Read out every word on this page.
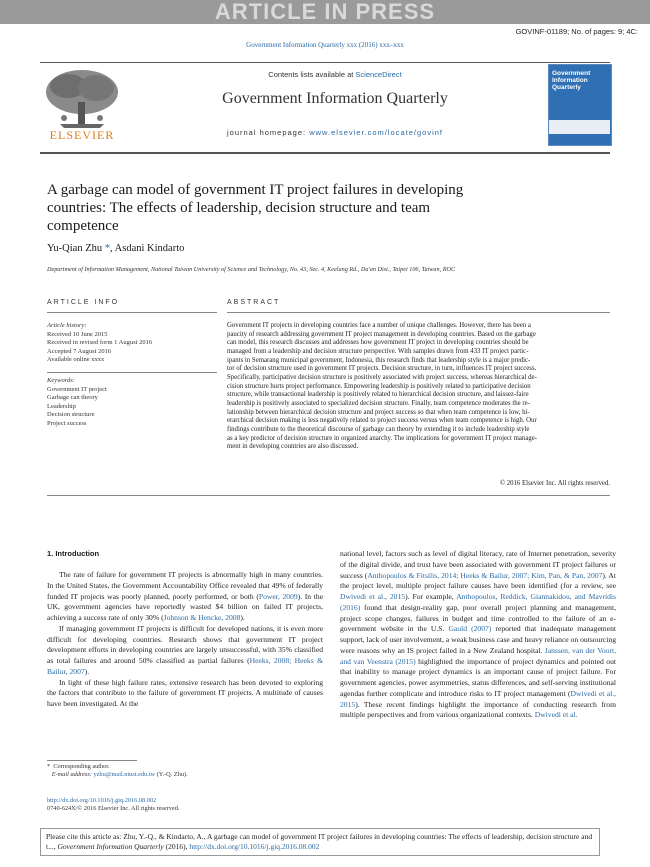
ARTICLE IN PRESS
GOVINF-01189; No. of pages: 9; 4C:
Government Information Quarterly xxx (2016) xxx–xxx
ELSEVIER
Contents lists available at ScienceDirect
Government Information Quarterly
journal homepage: www.elsevier.com/locate/govinf
Government Information Quarterly
A garbage can model of government IT project failures in developing countries: The effects of leadership, decision structure and team competence
Yu-Qian Zhu *, Asdani Kindarto
Department of Information Management, National Taiwan University of Science and Technology, No. 43, Sec. 4, Keelung Rd., Da'an Dist., Taipei 106, Taiwan, ROC
ARTICLE INFO
Article history:
Received 10 June 2015
Received in revised form 1 August 2016
Accepted 7 August 2016
Available online xxxx
Keywords:
Government IT project
Garbage can theory
Leadership
Decision structure
Project success
ABSTRACT
Government IT projects in developing countries face a number of unique challenges. However, there has been a
paucity of research addressing government IT project management in developing countries. Based on the garbage
can model, this research discusses and addresses how government IT project in developing countries should be
managed from a leadership and decision structure perspective. With samples drawn from 433 IT project partic-
ipants in Semarang municipal government, Indonesia, this research finds that leadership style is a major predic-
tor of decision structure used in government IT projects. Decision structure, in turn, influences IT project success.
Specifically, participative decision structure is positively associated with project success, whereas hierarchical de-
cision structure hurts project performance. Empowering leadership is positively related to participative decision
structure, while transactional leadership is positively related to hierarchical decision structure, and laissez-faire
leadership is positively associated to specialized decision structure. Finally, team competence moderates the re-
lationship between hierarchical decision structure and project success so that when team competence is low, hi-
erarchical decision making is less negatively related to project success versus when team competence is high. Our
findings contribute to the theoretical discourse of garbage can theory by extending it to include leadership style
as a key predictor of decision structure in organized anarchy. The implications for government IT project manage-
ment in developing countries are also discussed.
© 2016 Elsevier Inc. All rights reserved.
1. Introduction

The rate of failure for government IT projects is abnormally high in many countries. In the United States, the Government Accountability Office revealed that 49% of federally funded IT projects was poorly planned, poorly performed, or both (Power, 2009). In the UK, government agencies have reportedly wasted $4 billion on failed IT projects, achieving a success rate of only 30% (Johnson & Hencke, 2008).

If managing government IT projects is difficult for developed nations, it is even more difficult for developing countries. Research shows that government IT project development efforts in developing countries are largely unsuccessful, with 35% classified as total failures and around 50% classified as partial failures (Heeks, 2008; Heeks & Bailur, 2007).

In light of these high failure rates, extensive research has been devoted to exploring the factors that contribute to the failure of government IT projects. A multitude of causes have been investigated. At the

national level, factors such as level of digital literacy, rate of Internet penetration, severity of the digital divide, and trust have been associated with government IT project failures or success (Anthopoulos & Fitsilis, 2014; Heeks & Bailur, 2007; Kim, Pan, & Pan, 2007). At the project level, multiple project failure causes have been identified (for a review, see Dwivedi et al., 2015). For example, Anthopoulos, Reddick, Giannakidou, and Mavridis (2016) found that design-reality gap, poor overall project planning and management, project scope changes, failures in budget and time controlled to the failure of an e-government website in the U.S. Gauld (2007) reported that inadequate management support, lack of user involvement, a weak business case and heavy reliance on outsourcing were reasons why an IS project failed in a New Zealand hospital. Janssen, van der Voort, and van Veenstra (2015) highlighted the importance of project dynamics and pointed out that inability to manage project dynamics is an important cause of project failure. For government agencies, power asymmetries, status differences, and self-serving institutional agendas further complicate and introduce risks to IT project management (Dwivedi et al., 2015). These recent findings highlight the importance of conducting research from multiple perspectives and from various organizational contexts. Dwivedi et al.

* Corresponding author.
E-mail address: yzhu@mail.ntust.edu.tw (Y.-Q. Zhu).
http://dx.doi.org/10.1016/j.giq.2016.08.002
0740-624X/© 2016 Elsevier Inc. All rights reserved.
Please cite this article as: Zhu, Y.-Q., & Kindarto, A., A garbage can model of government IT project failures in developing countries: The effects of leadership, decision structure and t..., Government Information Quarterly (2016), http://dx.doi.org/10.1016/j.giq.2016.08.002
